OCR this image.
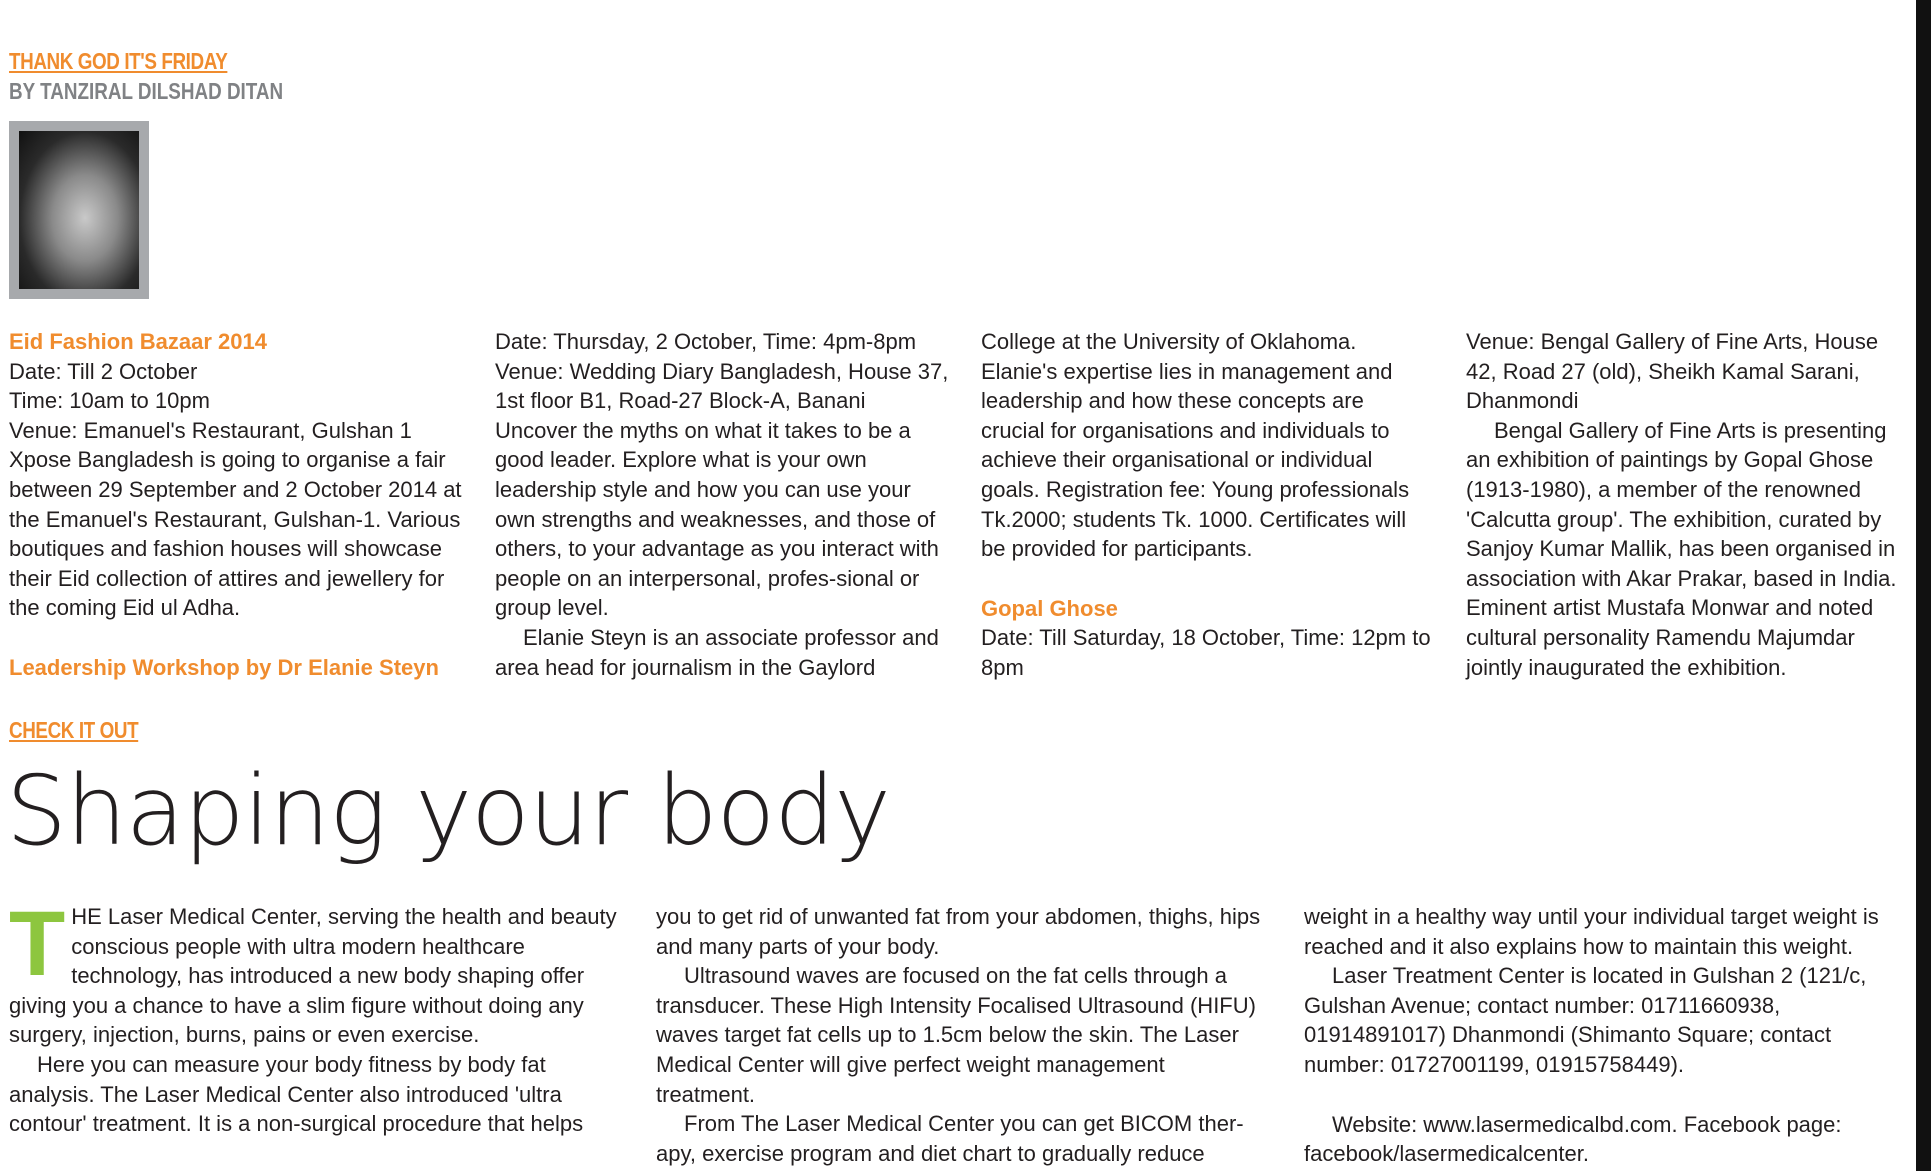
THANK GOD IT'S FRIDAY
BY TANZIRAL DILSHAD DITAN

Eid Fashion Bazaar 2014

Date: Till 2 October

Time: 10am to 10pm

Venue: Emanuel's Restaurant, Gulshan 1

Xpose Bangladesh is going to organise a fair between 29 September and 2 October 2014 at the Emanuel's Restaurant, Gulshan-1. Various boutiques and fashion houses will showcase their Eid collection of attires and jewellery for the coming Eid ul Adha.

Leadership Workshop by Dr Elanie Steyn

Date: Thursday, 2 October, Time: 4pm-8pm

Venue: Wedding Diary Bangladesh, House 37, 1st floor B1, Road-27 Block-A, Banani

Uncover the myths on what it takes to be a good leader. Explore what is your own leadership style and how you can use your own strengths and weaknesses, and those of others, to your advantage as you interact with people on an interpersonal, profes-sional or group level.

Elanie Steyn is an associate professor and area head for journalism in the Gaylord

College at the University of Oklahoma. Elanie's expertise lies in management and leadership and how these concepts are crucial for organisations and individuals to achieve their organisational or individual goals. Registration fee: Young professionals Tk.2000; students Tk. 1000. Certificates will be provided for participants.

Gopal Ghose

Date: Till Saturday, 18 October, Time: 12pm to 8pm

Venue: Bengal Gallery of Fine Arts, House 42, Road 27 (old), Sheikh Kamal Sarani, Dhanmondi

Bengal Gallery of Fine Arts is presenting an exhibition of paintings by Gopal Ghose (1913-1980), a member of the renowned 'Calcutta group'. The exhibition, curated by Sanjoy Kumar Mallik, has been organised in association with Akar Prakar, based in India. Eminent artist Mustafa Monwar and noted cultural personality Ramendu Majumdar jointly inaugurated the exhibition.

CHECK IT OUT
Shaping your body

THE Laser Medical Center, serving the health and beauty conscious people with ultra modern healthcare technology, has introduced a new body shaping offer giving you a chance to have a slim figure without doing any surgery, injection, burns, pains or even exercise.

Here you can measure your body fitness by body fat analysis. The Laser Medical Center also introduced 'ultra contour' treatment. It is a non-surgical procedure that helps

you to get rid of unwanted fat from your abdomen, thighs, hips and many parts of your body.

Ultrasound waves are focused on the fat cells through a transducer. These High Intensity Focalised Ultrasound (HIFU) waves target fat cells up to 1.5cm below the skin. The Laser Medical Center will give perfect weight management treatment.

From The Laser Medical Center you can get BICOM ther-apy, exercise program and diet chart to gradually reduce

weight in a healthy way until your individual target weight is reached and it also explains how to maintain this weight.

Laser Treatment Center is located in Gulshan 2 (121/c, Gulshan Avenue; contact number: 01711660938, 01914891017) Dhanmondi (Shimanto Square; contact number: 01727001199, 01915758449).

Website: www.lasermedicalbd.com. Facebook page: facebook/lasermedicalcenter.
